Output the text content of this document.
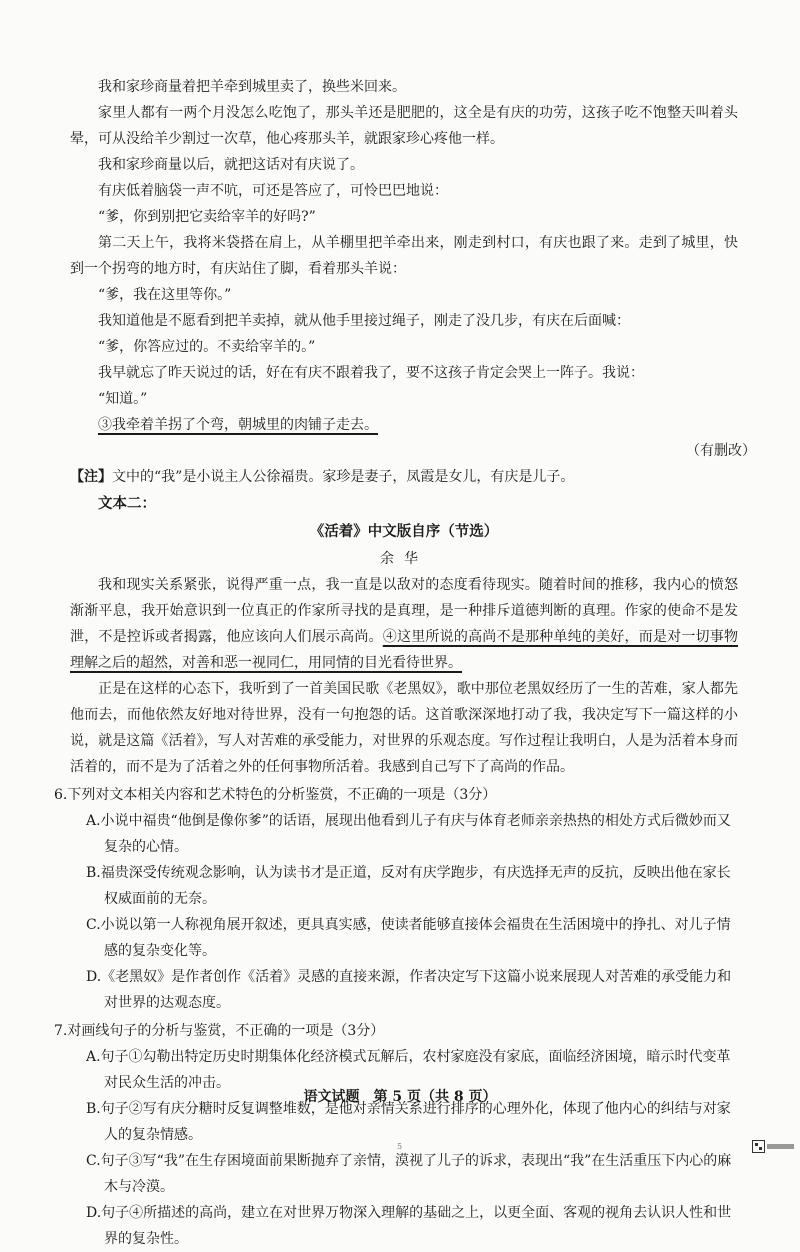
我和家珍商量着把羊牵到城里卖了，换些米回来。

家里人都有一两个月没怎么吃饱了，那头羊还是肥肥的，这全是有庆的功劳，这孩子吃不饱整天叫着头晕，可从没给羊少割过一次草，他心疼那头羊，就跟家珍心疼他一样。

我和家珍商量以后，就把这话对有庆说了。

有庆低着脑袋一声不吭，可还是答应了，可怜巴巴地说：

“爹，你到别把它卖给宰羊的好吗?”

第二天上午，我将米袋搭在肩上，从羊棚里把羊牵出来，刚走到村口，有庆也跟了来。走到了城里，快到一个拐弯的地方时，有庆站住了脚，看着那头羊说：

“爹，我在这里等你。”

我知道他是不愿看到把羊卖掉，就从他手里接过绳子，刚走了没几步，有庆在后面喊：

“爹，你答应过的。不卖给宰羊的。”

我早就忘了昨天说过的话，好在有庆不跟着我了，要不这孩子肯定会哭上一阵子。我说：

“知道。”

③我牵着羊拐了个弯，朝城里的肉铺子走去。

（有删改）

【注】文中的“我”是小说主人公徐福贵。家珍是妻子，凤霞是女儿，有庆是儿子。

文本二：

《活着》中文版自序（节选）

余华

我和现实关系紧张，说得严重一点，我一直是以敌对的态度看待现实。随着时间的推移，我内心的愤怒渐渐平息，我开始意识到一位真正的作家所寻找的是真理，是一种排斥道德判断的真理。作家的使命不是发泄，不是控诉或者揭露，他应该向人们展示高尚。④这里所说的高尚不是那种单纯的美好，而是对一切事物理解之后的超然，对善和恶一视同仁，用同情的目光看待世界。

正是在这样的心态下，我听到了一首美国民歌《老黑奴》，歌中那位老黑奴经历了一生的苦难，家人都先他而去，而他依然友好地对待世界，没有一句抱怨的话。这首歌深深地打动了我，我决定写下一篇这样的小说，就是这篇《活着》，写人对苦难的承受能力，对世界的乐观态度。写作过程让我明白，人是为活着本身而活着的，而不是为了活着之外的任何事物所活着。我感到自己写下了高尚的作品。

6.下列对文本相关内容和艺术特色的分析鉴赏，不正确的一项是（3分）

A.小说中福贵“他倒是像你爹”的话语，展现出他看到儿子有庆与体育老师亲亲热热的相处方式后微妙而又复杂的心情。

B.福贵深受传统观念影响，认为读书才是正道，反对有庆学跑步，有庆选择无声的反抗，反映出他在家长权威面前的无奈。

C.小说以第一人称视角展开叙述，更具真实感，使读者能够直接体会福贵在生活困境中的挣扎、对儿子情感的复杂变化等。

D.《老黑奴》是作者创作《活着》灵感的直接来源，作者决定写下这篇小说来展现人对苦难的承受能力和对世界的达观态度。

7.对画线句子的分析与鉴赏，不正确的一项是（3分）

A.句子①勾勒出特定历史时期集体化经济模式瓦解后，农村家庭没有家底，面临经济困境，暗示时代变革对民众生活的冲击。

B.句子②写有庆分糖时反复调整堆数，是他对亲情关系进行排序的心理外化，体现了他内心的纠结与对家人的复杂情感。

C.句子③写“我”在生存困境面前果断抛弃了亲情，漠视了儿子的诉求，表现出“我”在生活重压下内心的麻木与冷漠。

D.句子④所描述的高尚，建立在对世界万物深入理解的基础之上，以更全面、客观的视角去认识人性和世界的复杂性。

语文试题　第 5 页（共 8 页）
5
